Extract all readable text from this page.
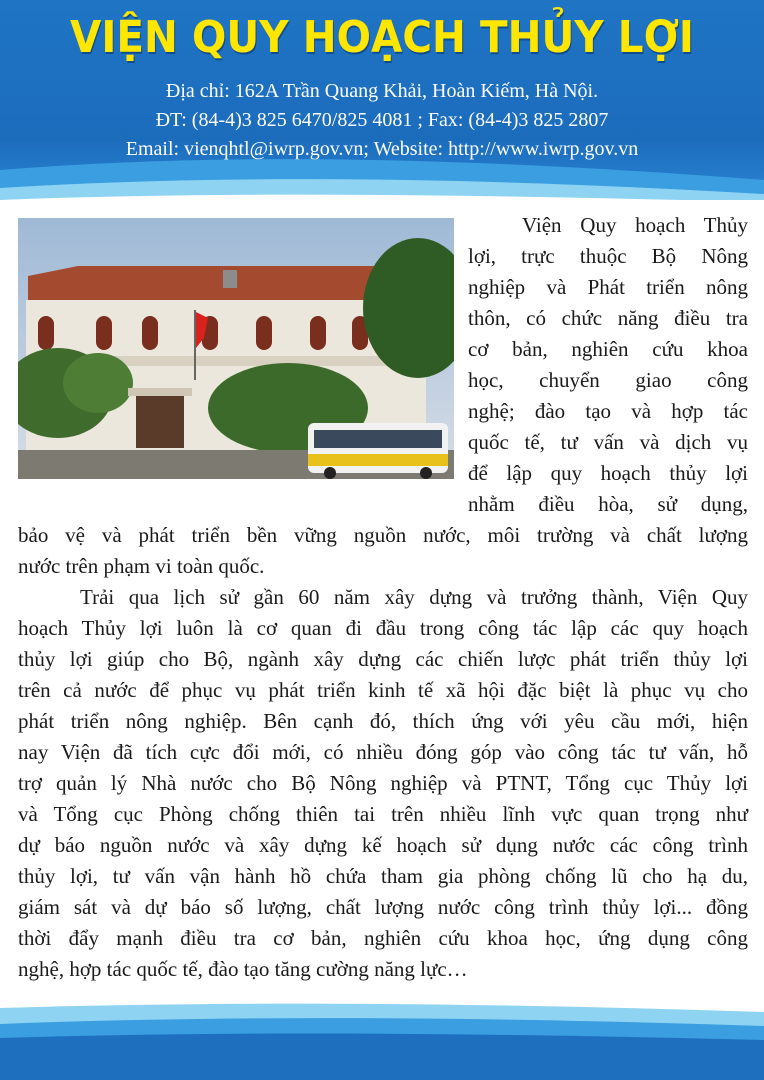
VIỆN QUY HOẠCH THỦY LỢI

Địa chỉ: 162A Trần Quang Khải, Hoàn Kiếm, Hà Nội.

ĐT: (84-4)3 825 6470/825 4081 ; Fax: (84-4)3 825 2807

Email: vienqhtl@iwrp.gov.vn; Website: http://www.iwrp.gov.vn

Viện Quy hoạch Thủy
lợi, trực thuộc Bộ Nông
nghiệp và Phát triển nông
thôn, có chức năng điều tra
cơ bản, nghiên cứu khoa
học, chuyển giao công
nghệ; đào tạo và hợp tác
quốc tế, tư vấn và dịch vụ
để lập quy hoạch thủy lợi
nhằm điều hòa, sử dụng,
bảo vệ và phát triển bền vững nguồn nước, môi trường và chất lượng
nước trên phạm vi toàn quốc.
Trải qua lịch sử gần 60 năm xây dựng và trưởng thành, Viện Quy
hoạch Thủy lợi luôn là cơ quan đi đầu trong công tác lập các quy hoạch
thủy lợi giúp cho Bộ, ngành xây dựng các chiến lược phát triển thủy lợi
trên cả nước để phục vụ phát triển kinh tế xã hội đặc biệt là phục vụ cho
phát triển nông nghiệp. Bên cạnh đó, thích ứng với yêu cầu mới, hiện
nay Viện đã tích cực đổi mới, có nhiều đóng góp vào công tác tư vấn, hỗ
trợ quản lý Nhà nước cho Bộ Nông nghiệp và PTNT, Tổng cục Thủy lợi
và Tổng cục Phòng chống thiên tai trên nhiều lĩnh vực quan trọng như
dự báo nguồn nước và xây dựng kế hoạch sử dụng nước các công trình
thủy lợi, tư vấn vận hành hồ chứa tham gia phòng chống lũ cho hạ du,
giám sát và dự báo số lượng, chất lượng nước công trình thủy lợi... đồng
thời đẩy mạnh điều tra cơ bản, nghiên cứu khoa học, ứng dụng công
nghệ, hợp tác quốc tế, đào tạo tăng cường năng lực…
